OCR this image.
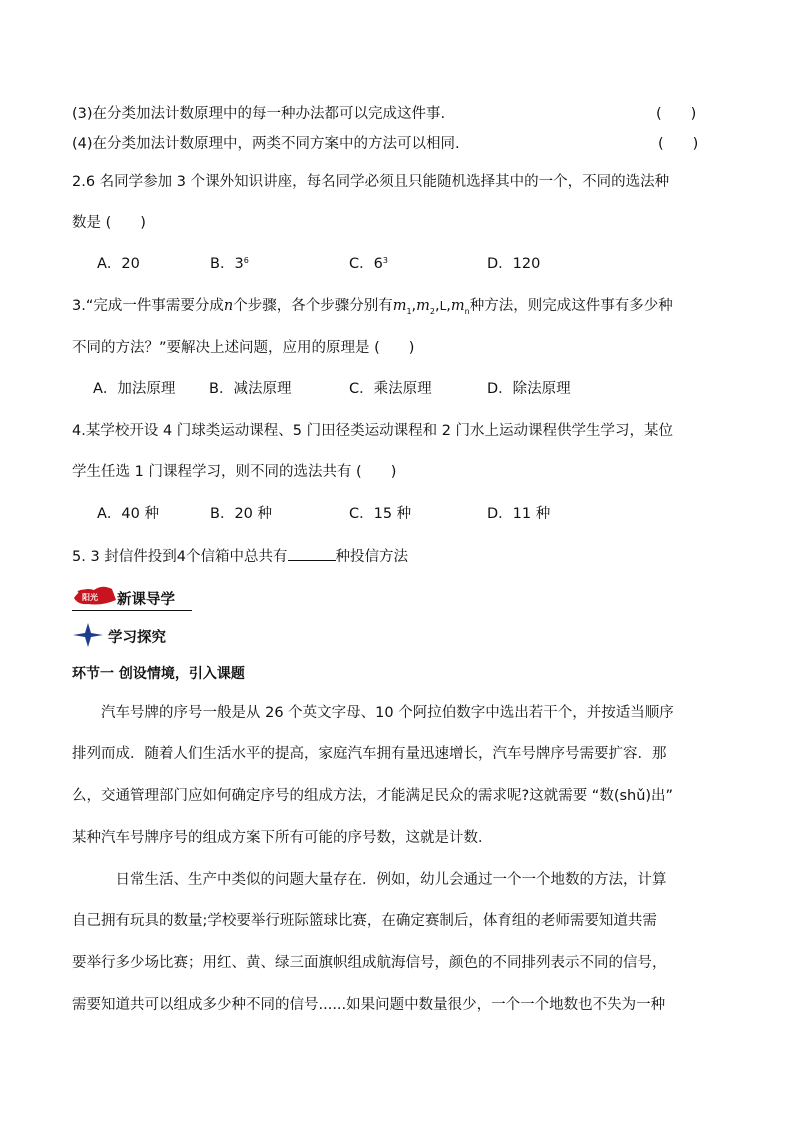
(3)在分类加法计数原理中的每一种办法都可以完成这件事.	(　　)
(4)在分类加法计数原理中，两类不同方案中的方法可以相同.	(　　)
2.6 名同学参加 3 个课外知识讲座，每名同学必须且只能随机选择其中的一个，不同的选法种
数是 (　　)
A．20	B．$3^6$	C．$6^3$	D．120
3.“完成一件事需要分成n个步骤，各个步骤分别有$m_1,m_2,L,m_n$种方法，则完成这件事有多少种
不同的方法？”要解决上述问题，应用的原理是 (　　)
A．加法原理 B．减法原理	C．乘法原理	D．除法原理
4.某学校开设 4 门球类运动课程、5 门田径类运动课程和 2 门水上运动课程供学生学习，某位
学生任选 1 门课程学习，则不同的选法共有 (　　)
A．40 种	B．20 种	C．15 种	D．11 种
5. 3 封信件投到4个信箱中总共有	种投信方法
阳光 新课导学
学习探究
环节一 创设情境，引入课题
　　汽车号牌的序号一般是从 26 个英文字母、10 个阿拉伯数字中选出若干个，并按适当顺序
排列而成．随着人们生活水平的提高，家庭汽车拥有量迅速增长，汽车号牌序号需要扩容．那
么，交通管理部门应如何确定序号的组成方法，才能满足民众的需求呢?这就需要 “数(shǔ)出”
某种汽车号牌序号的组成方案下所有可能的序号数，这就是计数．
　　　日常生活、生产中类似的问题大量存在．例如，幼儿会通过一个一个地数的方法，计算
自己拥有玩具的数量;学校要举行班际篮球比赛，在确定赛制后，体育组的老师需要知道共需
要举行多少场比赛；用红、黄、绿三面旗帜组成航海信号，颜色的不同排列表示不同的信号，
需要知道共可以组成多少种不同的信号......如果问题中数量很少，一个一个地数也不失为一种
